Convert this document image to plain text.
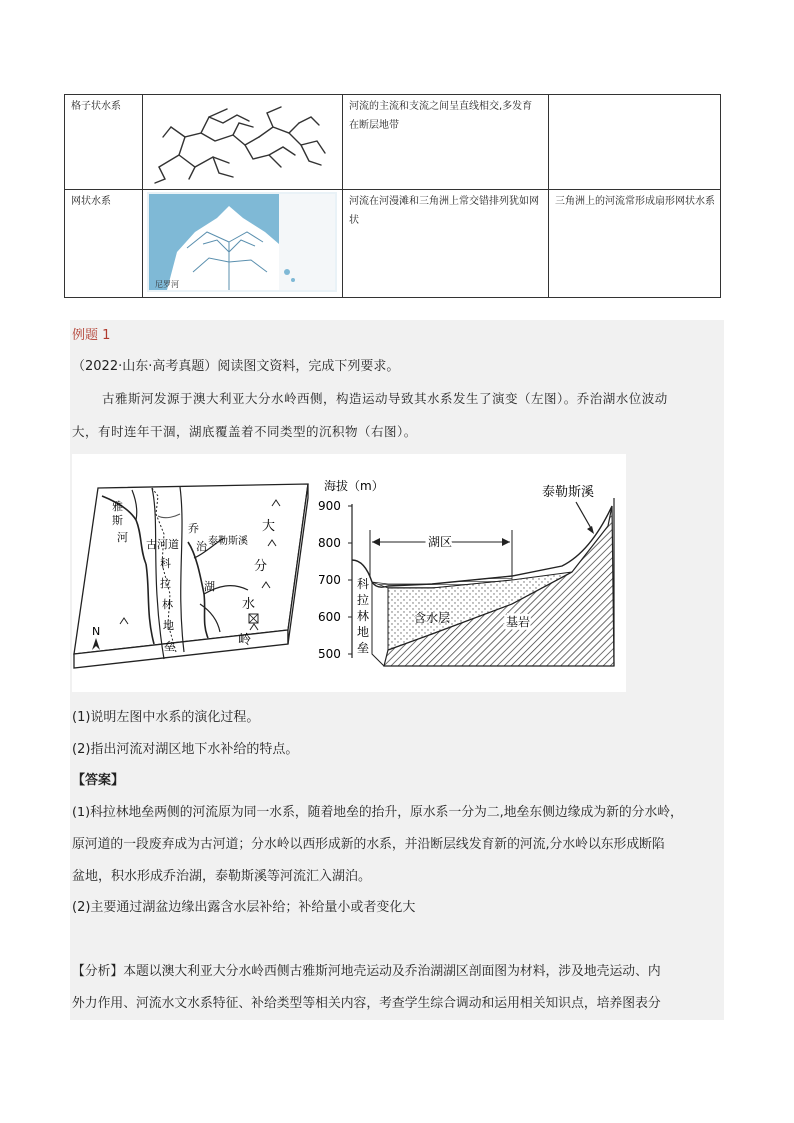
格子状水系	河流的主流和支流之间呈直线相交,多发育在断层地带
网状水系
尼罗河
河流在河漫滩和三角洲上常交错排列犹如网状
三角洲上的河流常形成扇形网状水系
例题 1
（2022·山东·高考真题）阅读图文资料，完成下列要求。
古雅斯河发源于澳大利亚大分水岭西侧，构造运动导致其水系发生了演变（左图）。乔治湖水位波动
大，有时连年干涸，湖底覆盖着不同类型的沉积物（右图）。
N
雅
斯
河
古河道
乔
治
湖
泰勒斯溪
科
拉
林
地
垒
大
分
水
岭
海拔（m）
900
800
700
600
500
湖区
泰勒斯溪
含水层	基岩
科
拉
林
地
垒
(1)说明左图中水系的演化过程。
(2)指出河流对湖区地下水补给的特点。
【答案】
(1)科拉林地垒两侧的河流原为同一水系，随着地垒的抬升，原水系一分为二,地垒东侧边缘成为新的分水岭，
原河道的一段废弃成为古河道；分水岭以西形成新的水系，并沿断层线发育新的河流,分水岭以东形成断陷
盆地，积水形成乔治湖，泰勒斯溪等河流汇入湖泊。
(2)主要通过湖盆边缘出露含水层补给；补给量小或者变化大
【分析】本题以澳大利亚大分水岭西侧古雅斯河地壳运动及乔治湖湖区剖面图为材料，涉及地壳运动、内
外力作用、河流水文水系特征、补给类型等相关内容，考查学生综合调动和运用相关知识点，培养图表分
